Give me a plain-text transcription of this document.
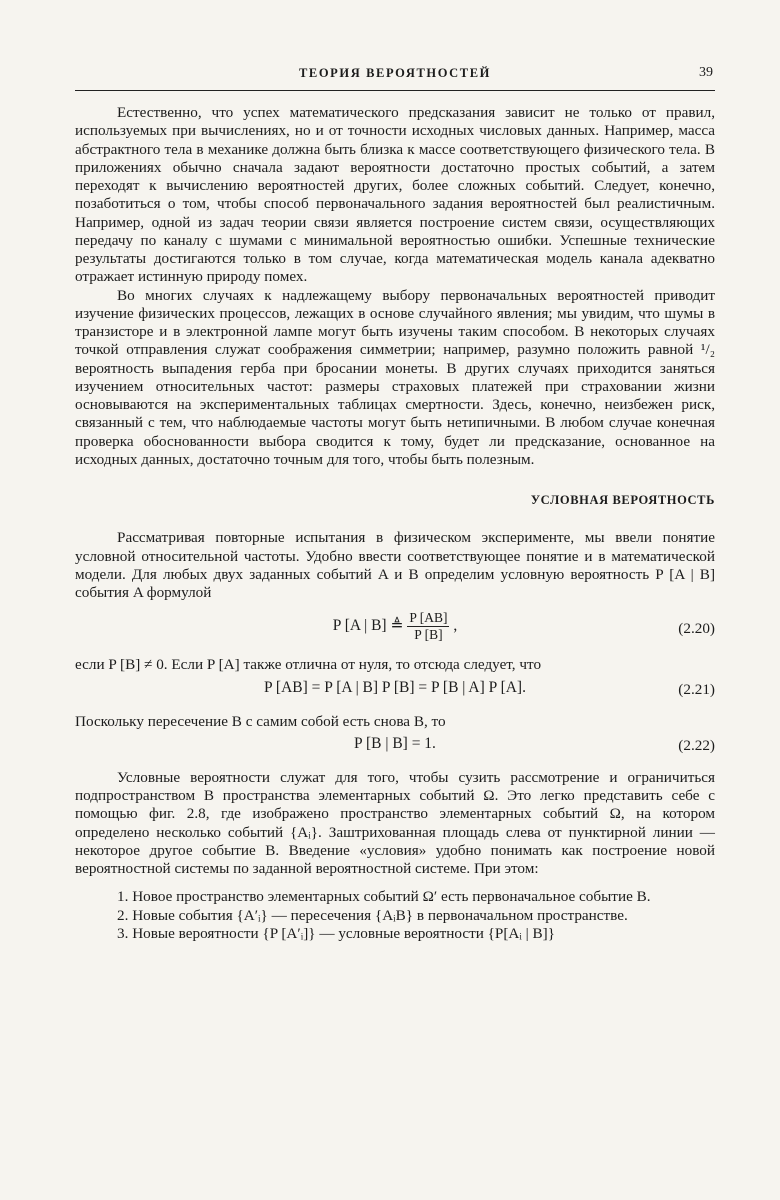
ТЕОРИЯ ВЕРОЯТНОСТЕЙ	39

Естественно, что успех математического предсказания зависит не только от правил, используемых при вычислениях, но и от точности исходных числовых данных. Например, масса абстрактного тела в механике должна быть близка к массе соответствующего физического тела. В приложениях обычно сначала задают вероятности достаточно простых событий, а затем переходят к вычислению вероятностей других, более сложных событий. Следует, конечно, позаботиться о том, чтобы способ первоначального задания вероятностей был реалистичным. Например, одной из задач теории связи является построение систем связи, осуществляющих передачу по каналу с шумами с минимальной вероятностью ошибки. Успешные технические результаты достигаются только в том случае, когда математическая модель канала адекватно отражает истинную природу помех.

Во многих случаях к надлежащему выбору первоначальных вероятностей приводит изучение физических процессов, лежащих в основе случайного явления; мы увидим, что шумы в транзисторе и в электронной лампе могут быть изучены таким способом. В некоторых случаях точкой отправления служат соображения симметрии; например, разумно положить равной ¹/₂ вероятность выпадения герба при бросании монеты. В других случаях приходится заняться изучением относительных частот: размеры страховых платежей при страховании жизни основываются на экспериментальных таблицах смертности. Здесь, конечно, неизбежен риск, связанный с тем, что наблюдаемые частоты могут быть нетипичными. В любом случае конечная проверка обоснованности выбора сводится к тому, будет ли предсказание, основанное на исходных данных, достаточно точным для того, чтобы быть полезным.

УСЛОВНАЯ ВЕРОЯТНОСТЬ

Рассматривая повторные испытания в физическом эксперименте, мы ввели понятие условной относительной частоты. Удобно ввести соответствующее понятие и в математической модели. Для любых двух заданных событий A и B определим условную вероятность P [A | B] события A формулой

P [A | B] ≜ $\frac{P [AB]}{P [B]}$ ,	(2.20)

если P [B] ≠ 0. Если P [A] также отлична от нуля, то отсюда следует, что

P [AB] = P [A | B] P [B] = P [B | A] P [A].	(2.21)

Поскольку пересечение B с самим собой есть снова B, то

P [B | B] = 1.	(2.22)

Условные вероятности служат для того, чтобы сузить рассмотрение и ограничиться подпространством B пространства элементарных событий Ω. Это легко представить себе с помощью фиг. 2.8, где изображено пространство элементарных событий Ω, на котором определено несколько событий {Aᵢ}. Заштрихованная площадь слева от пунктирной линии — некоторое другое событие B. Введение «условия» удобно понимать как построение новой вероятностной системы по заданной вероятностной системе. При этом:

1. Новое пространство элементарных событий Ω′ есть первоначальное событие B.

2. Новые события {A′ᵢ} — пересечения {AᵢB} в первоначальном пространстве.

3. Новые вероятности {P [A′ᵢ]} — условные вероятности {P[Aᵢ | B]}
